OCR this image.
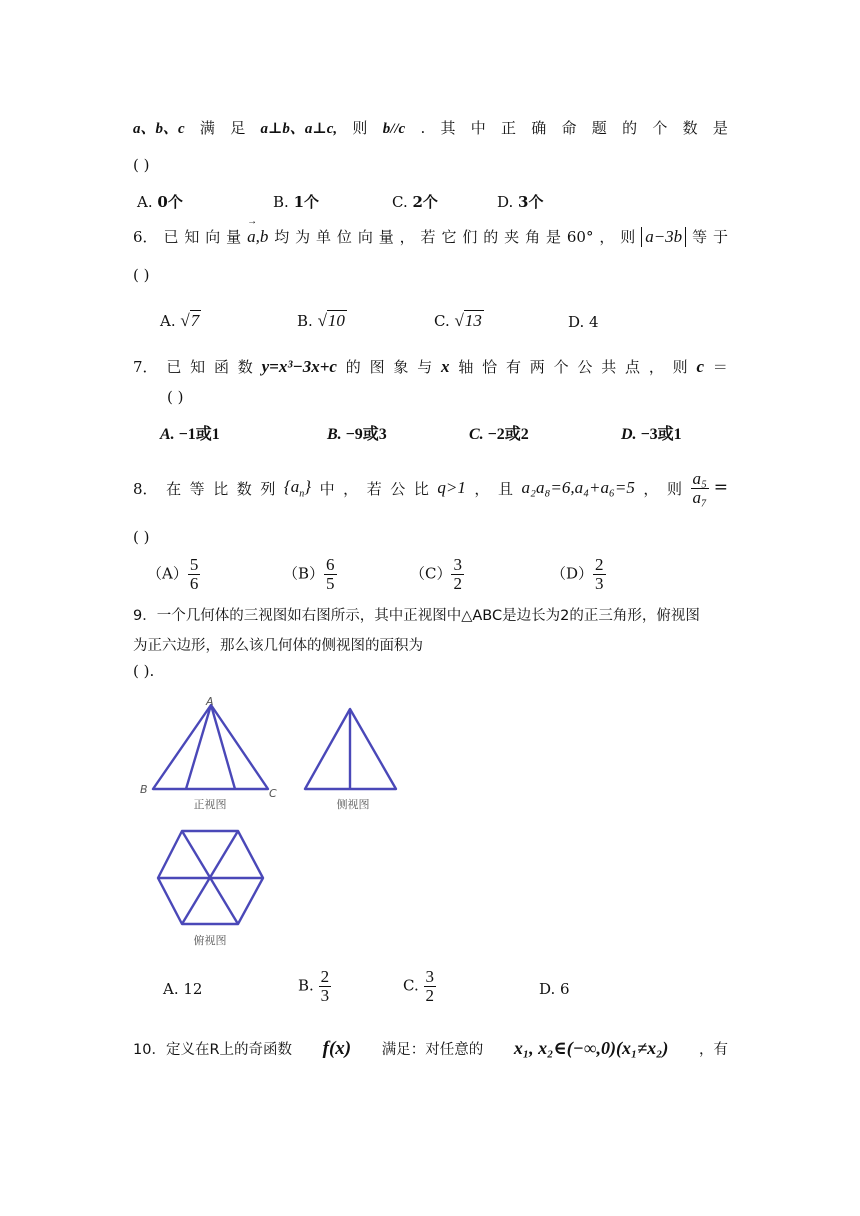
a、b、c 满 足 a⊥b、a⊥c, 则 b//c . 其 中 正 确 命 题 的 个 数 是
( )
A. 0个	B. 1个	C. 2个	D. 3个
6． 已 知 向 量
→ a,b 均 为 单 位 向 量 ， 若 它 们 的 夹 角 是 60° ， 则 a−3b 等 于
( )
A. √7	B. √10	C. √13	D. 4
7． 已 知 函 数 y=x³−3x+c 的 图 象 与 x 轴 恰 有 两 个 公 共 点 ， 则 c ＝
( )
A. −1或1	B. −9或3	C. −2或2	D. −3或1
8． 在 等 比 数 列 $\{a_n\}$ 中 ， 若 公 比 q>1 ， 且 a₂a₈=6,a₄+a₆=5 ， 则 $\frac{\text{a₅}}{\text{a₇}}$ =
( )
$(A) \frac{5}{6}$	$(B) \frac{6}{5}$	$(C) \frac{3}{2}$	$(D) \frac{2}{3}$
9．一个几何体的三视图如右图所示，其中正视图中△ABC是边长为2的正三角形，俯视图
为正六边形，那么该几何体的侧视图的面积为
( ).
A
B	C
正视图	侧视图
俯视图
A. 12	B. $\frac{2}{3}$	C. $\frac{3}{2}$	D. 6
10．定义在R上的奇函数 f(x) 满足：对任意的 x₁, x₂∈(−∞,0)(x₁≠x₂) ，有
